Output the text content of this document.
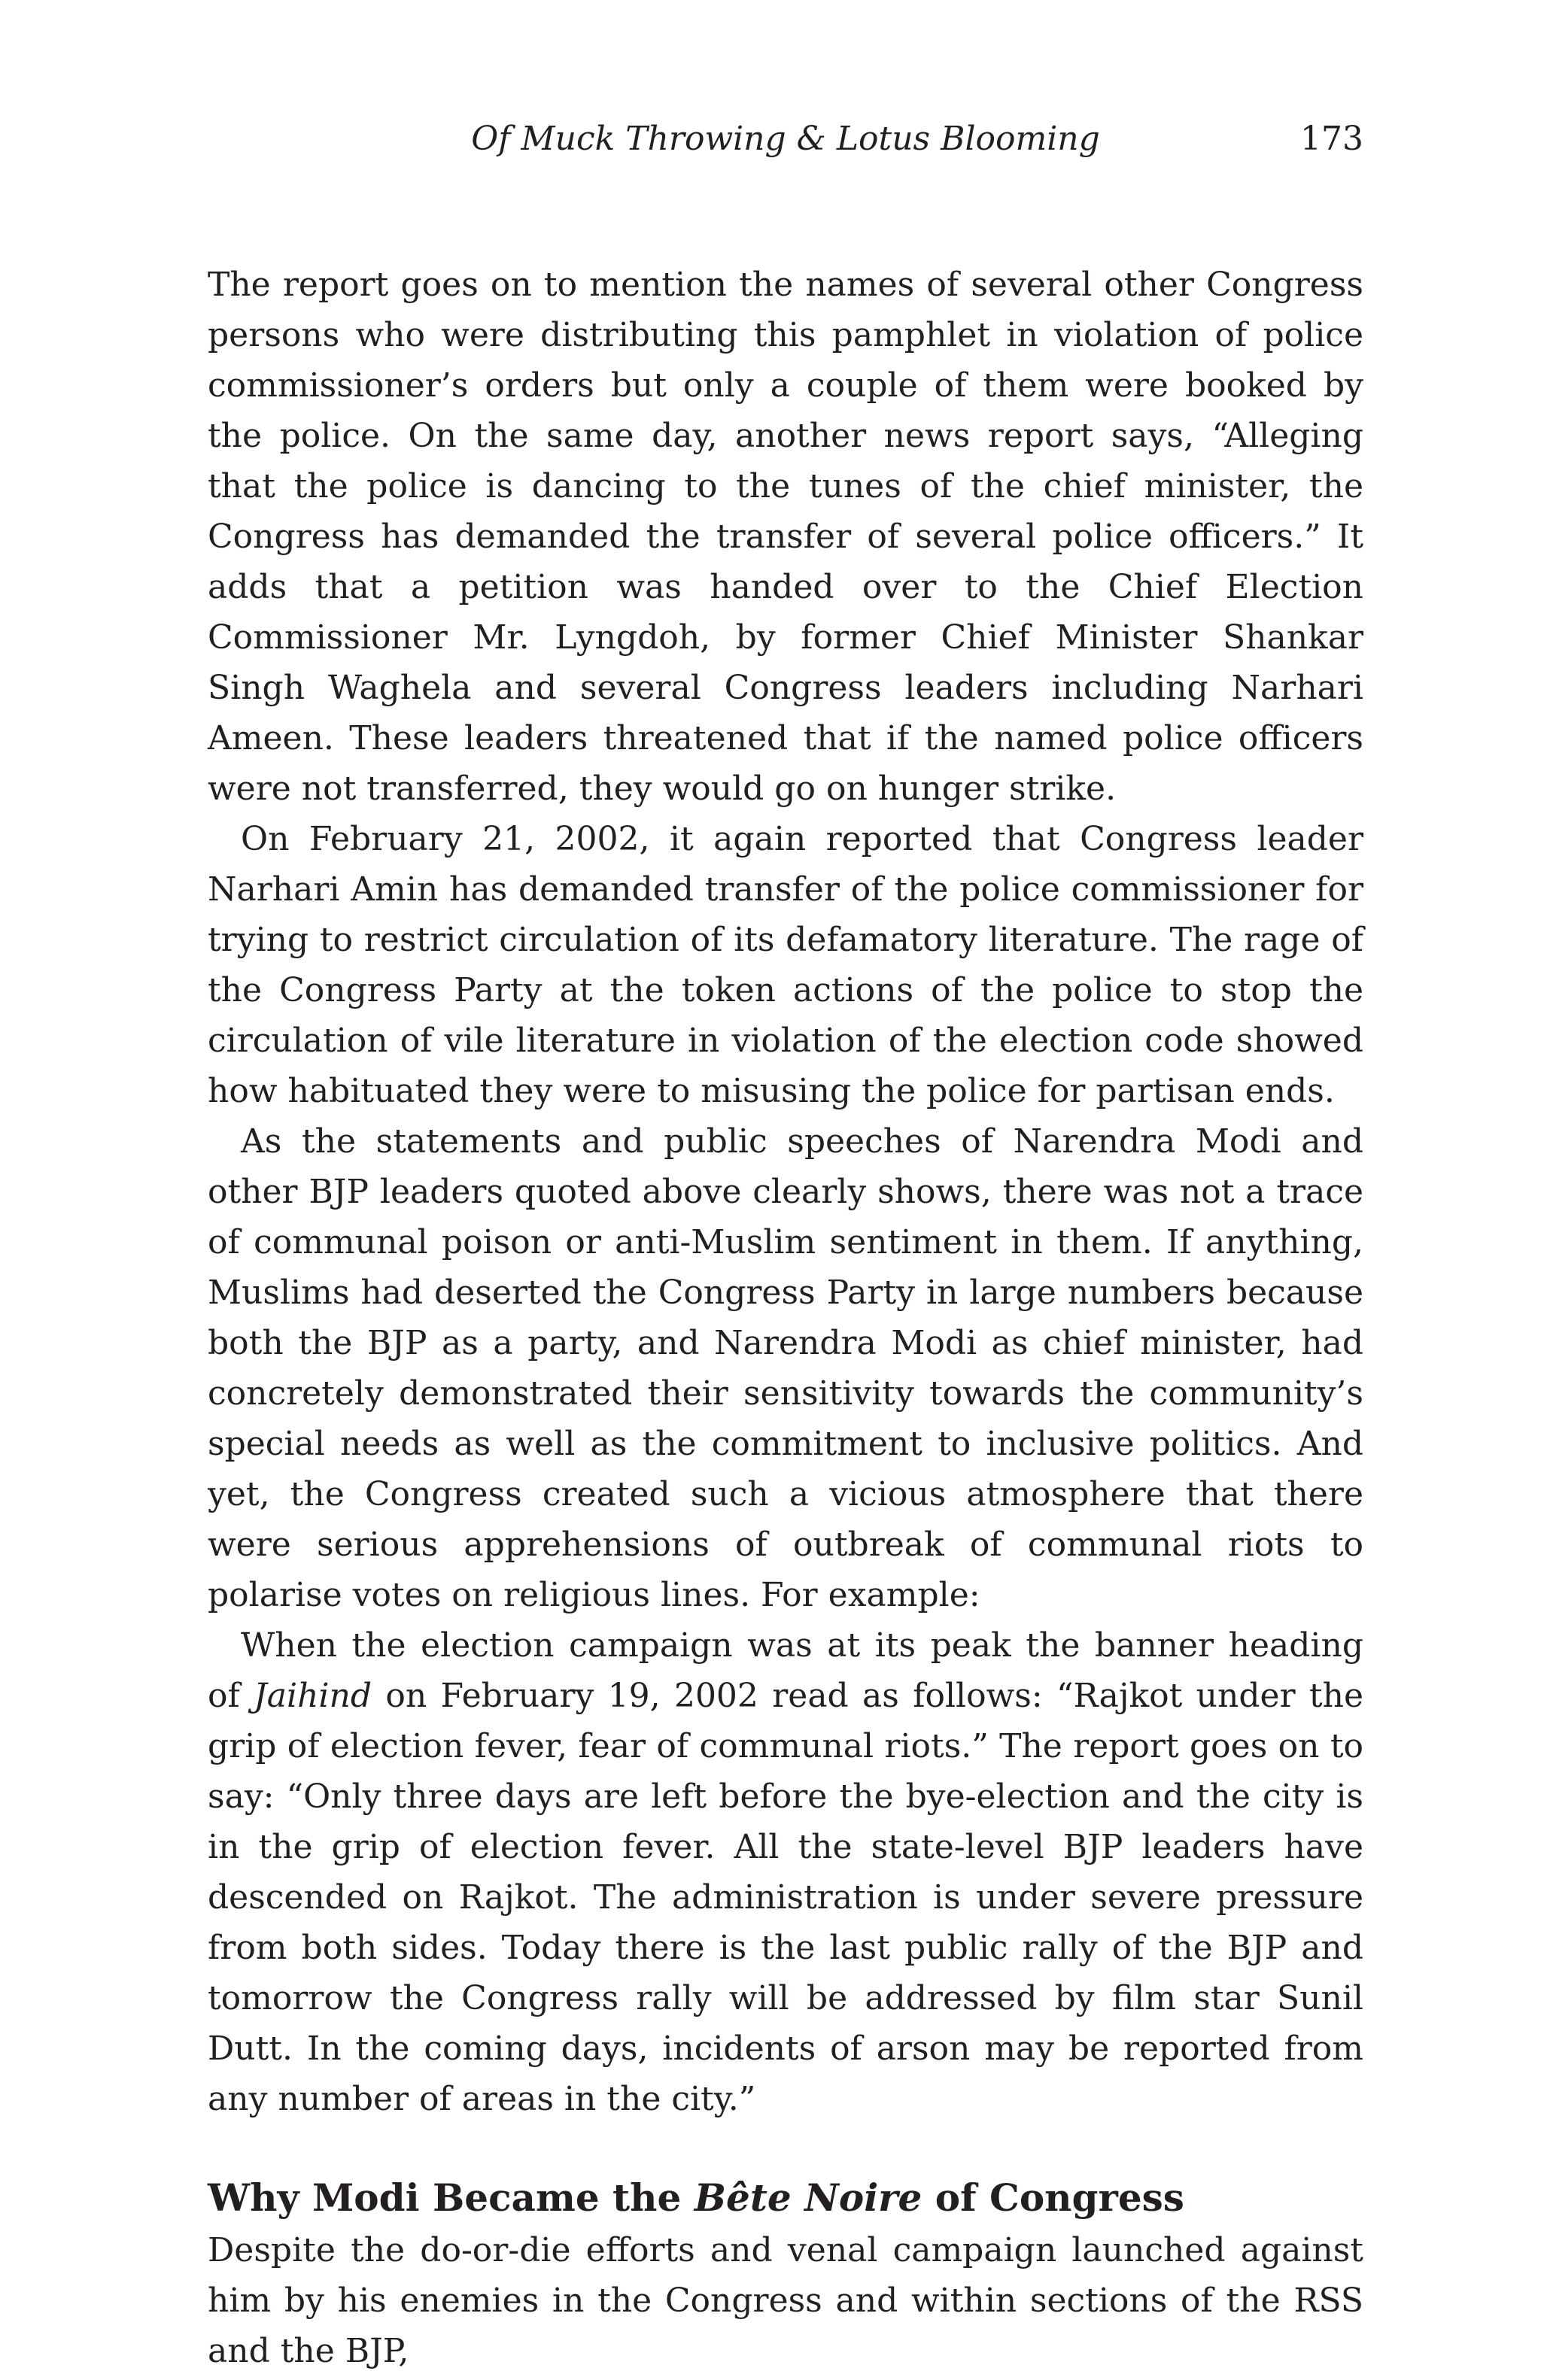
Of Muck Throwing & Lotus Blooming	173

The report goes on to mention the names of several other Congress persons who were distributing this pamphlet in violation of police commissioner’s orders but only a couple of them were booked by the police. On the same day, another news report says, “Alleging that the police is dancing to the tunes of the chief minister, the Congress has demanded the transfer of several police officers.” It adds that a petition was handed over to the Chief Election Commissioner Mr. Lyngdoh, by former Chief Minister Shankar Singh Waghela and several Congress leaders including Narhari Ameen. These leaders threatened that if the named police officers were not transferred, they would go on hunger strike.

On February 21, 2002, it again reported that Congress leader Narhari Amin has demanded transfer of the police commissioner for trying to restrict circulation of its defamatory literature. The rage of the Congress Party at the token actions of the police to stop the circulation of vile literature in violation of the election code showed how habituated they were to misusing the police for partisan ends.

As the statements and public speeches of Narendra Modi and other BJP leaders quoted above clearly shows, there was not a trace of communal poison or anti-Muslim sentiment in them. If anything, Muslims had deserted the Congress Party in large numbers because both the BJP as a party, and Narendra Modi as chief minister, had concretely demonstrated their sensitivity towards the community’s special needs as well as the commitment to inclusive politics. And yet, the Congress created such a vicious atmosphere that there were serious apprehensions of outbreak of communal riots to polarise votes on religious lines. For example:

When the election campaign was at its peak the banner heading of Jaihind on February 19, 2002 read as follows: “Rajkot under the grip of election fever, fear of communal riots.” The report goes on to say: “Only three days are left before the bye-election and the city is in the grip of election fever. All the state-level BJP leaders have descended on Rajkot. The administration is under severe pressure from both sides. Today there is the last public rally of the BJP and tomorrow the Congress rally will be addressed by film star Sunil Dutt. In the coming days, incidents of arson may be reported from any number of areas in the city.”

Why Modi Became the Bête Noire of Congress

Despite the do-or-die efforts and venal campaign launched against him by his enemies in the Congress and within sections of the RSS and the BJP,
